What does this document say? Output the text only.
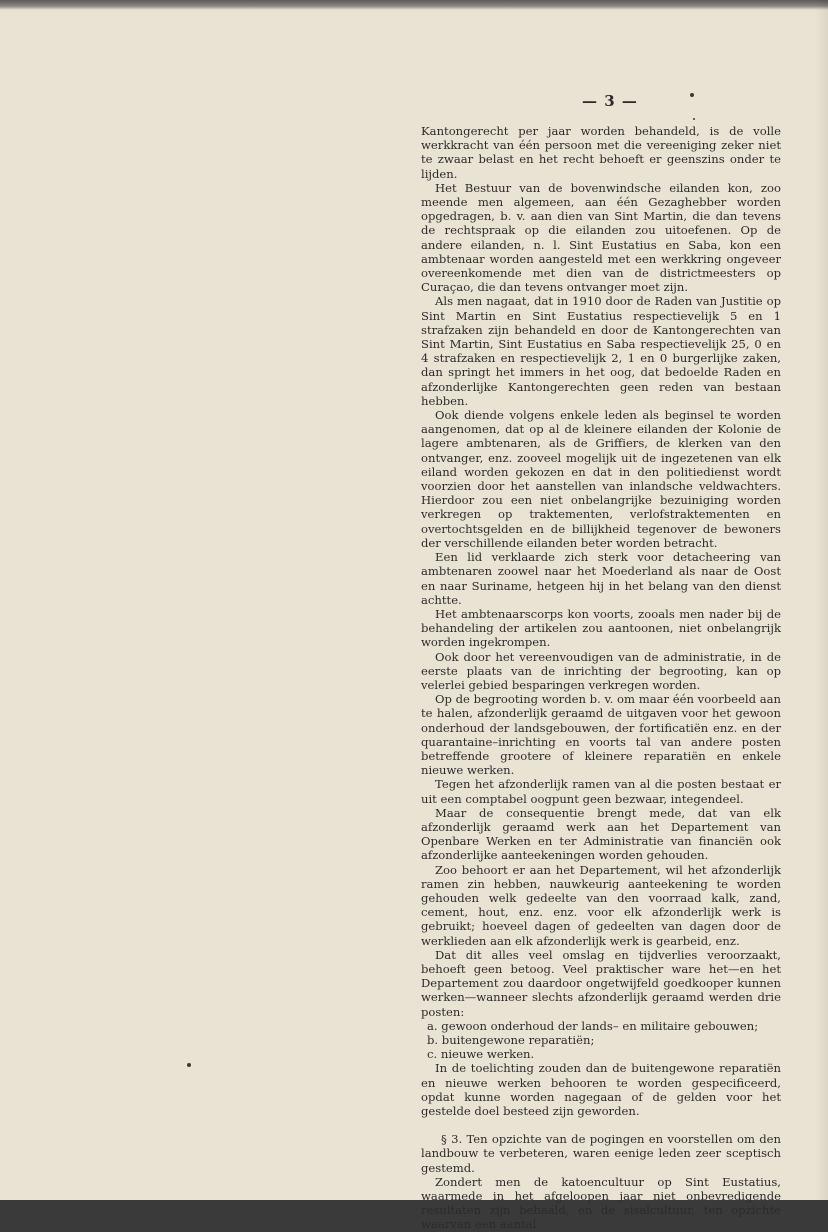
— 3 —

Kantongerecht per jaar worden behandeld, is de volle werkkracht van één persoon met die vereeniging zeker niet te zwaar belast en het recht behoeft er geenszins onder te lijden.

Het Bestuur van de bovenwindsche eilanden kon, zoo meende men algemeen, aan één Gezaghebber worden opgedragen, b. v. aan dien van Sint Martin, die dan tevens de rechtspraak op die eilanden zou uitoefenen. Op de andere eilanden, n. l. Sint Eustatius en Saba, kon een ambtenaar worden aangesteld met een werkkring ongeveer overeenkomende met dien van de districtmeesters op Curaçao, die dan tevens ontvanger moet zijn.

Als men nagaat, dat in 1910 door de Raden van Justitie op Sint Martin en Sint Eustatius respectievelijk 5 en 1 strafzaken zijn behandeld en door de Kantongerechten van Sint Martin, Sint Eustatius en Saba respectievelijk 25, 0 en 4 strafzaken en respectievelijk 2, 1 en 0 burgerlijke zaken, dan springt het immers in het oog, dat bedoelde Raden en afzonderlijke Kantongerechten geen reden van bestaan hebben.

Ook diende volgens enkele leden als beginsel te worden aangenomen, dat op al de kleinere eilanden der Kolonie de lagere ambtenaren, als de Griffiers, de klerken van den ontvanger, enz. zooveel mogelijk uit de ingezetenen van elk eiland worden gekozen en dat in den politiedienst wordt voorzien door het aanstellen van inlandsche veldwachters. Hierdoor zou een niet onbelangrijke bezuiniging worden verkregen op traktementen, verlofstraktementen en overtochtsgelden en de billijkheid tegenover de bewoners der verschillende eilanden beter worden betracht.

Een lid verklaarde zich sterk voor detacheering van ambtenaren zoowel naar het Moederland als naar de Oost en naar Suriname, hetgeen hij in het belang van den dienst achtte.

Het ambtenaarscorps kon voorts, zooals men nader bij de behandeling der artikelen zou aantoonen, niet onbelangrijk worden ingekrompen.

Ook door het vereenvoudigen van de administratie, in de eerste plaats van de inrichting der begrooting, kan op velerlei gebied besparingen verkregen worden.

Op de begrooting worden b. v. om maar één voorbeeld aan te halen, afzonderlijk geraamd de uitgaven voor het gewoon onderhoud der landsgebouwen, der fortificatiën enz. en der quarantaine–inrichting en voorts tal van andere posten betreffende grootere of kleinere reparatiën en enkele nieuwe werken.

Tegen het afzonderlijk ramen van al die posten bestaat er uit een comptabel oogpunt geen bezwaar, integendeel.

Maar de consequentie brengt mede, dat van elk afzonderlijk geraamd werk aan het Departement van Openbare Werken en ter Administratie van financiën ook afzonderlijke aanteekeningen worden gehouden.

Zoo behoort er aan het Departement, wil het afzonderlijk ramen zin hebben, nauwkeurig aanteekening te worden gehouden welk gedeelte van den voorraad kalk, zand, cement, hout, enz. enz. voor elk afzonderlijk werk is gebruikt; hoeveel dagen of gedeelten van dagen door de werklieden aan elk afzonderlijk werk is gearbeid, enz.

Dat dit alles veel omslag en tijdverlies veroorzaakt, behoeft geen betoog. Veel praktischer ware het—en het Departement zou daardoor ongetwijfeld goedkooper kunnen werken—wanneer slechts afzonderlijk geraamd werden drie posten:

a. gewoon onderhoud der lands– en militaire gebouwen;

b. buitengewone reparatiën;

c. nieuwe werken.

In de toelichting zouden dan de buitengewone reparatiën en nieuwe werken behooren te worden gespecificeerd, opdat kunne worden nagegaan of de gelden voor het gestelde doel besteed zijn geworden.

§ 3. Ten opzichte van de pogingen en voorstellen om den landbouw te verbeteren, waren eenige leden zeer sceptisch gestemd.

Zondert men de katoencultuur op Sint Eustatius, waarmede in het afgeloopen jaar niet onbevredigende resultaten zijn behaald, en de sisalcultuur, ten opzichte waarvan een aantal
